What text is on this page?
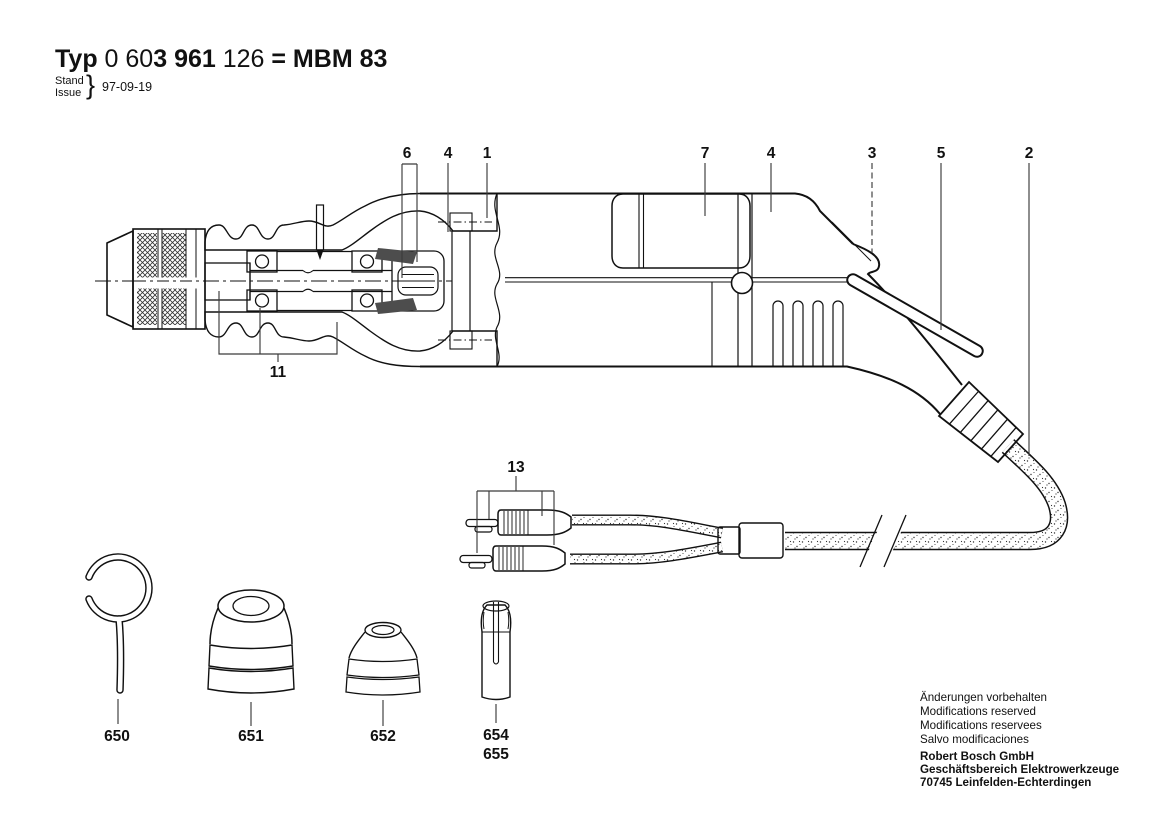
Typ 0 603 961 126 = MBM 83
Stand
Issue } 97-09-19
6 4 1	7	4	3	5	2
11
13
650	651	652	654
655
Änderungen vorbehalten
Modifications reserved
Modifications reservees
Salvo modificaciones
Robert Bosch GmbH
Geschäftsbereich Elektrowerkzeuge
70745 Leinfelden-Echterdingen
